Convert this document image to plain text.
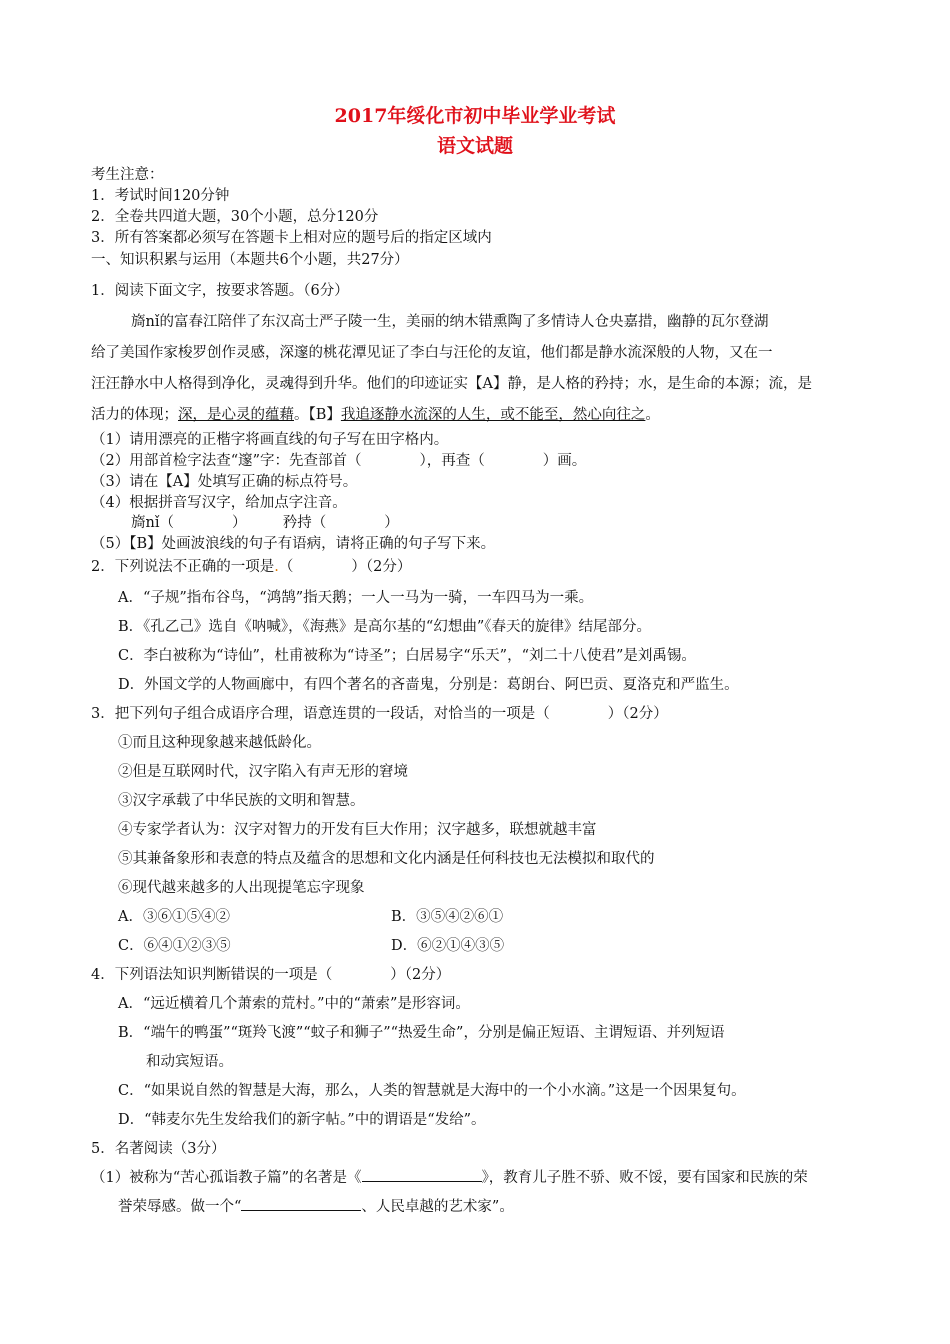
2017年绥化市初中毕业学业考试
语文试题
考生注意：
1．考试时间120分钟
2．全卷共四道大题，30个小题，总分120分
3．所有答案都必须写在答题卡上相对应的题号后的指定区域内
一、知识积累与运用（本题共6个小题，共27分）
1．阅读下面文字，按要求答题。（6分）
旖nǐ的富春江陪伴了东汉高士严子陵一生，美丽的纳木错熏陶了多情诗人仓央嘉措，幽静的瓦尔登湖
给了美国作家梭罗创作灵感，深邃的桃花潭见证了李白与汪伦的友谊，他们都是静水流深般的人物，又在一
汪汪静水中人格得到净化，灵魂得到升华。他们的印迹证实【A】静，是人格的矜持；水，是生命的本源；流，是
活力的体现；深，是心灵的蕴藉。【B】我追逐静水流深的人生，或不能至，然心向往之。
（1）请用漂亮的正楷字将画直线的句子写在田字格内。
（2）用部首检字法查“邃”字：先查部首（　　　　），再查（　　　　）画。
（3）请在【A】处填写正确的标点符号。
（4）根据拼音写汉字，给加点字注音。
旖nǐ（　　　　）　　　矜持（　　　　）
（5）【B】处画波浪线的句子有语病，请将正确的句子写下来。
2．下列说法不正确的一项是.（　　　　）（2分）
A．“子规”指布谷鸟，“鸿鹄”指天鹅；一人一马为一骑，一车四马为一乘。
B．《孔乙己》选自《呐喊》，《海燕》是高尔基的“幻想曲”《春天的旋律》结尾部分。
C．李白被称为“诗仙”，杜甫被称为“诗圣”；白居易字“乐天”，“刘二十八使君”是刘禹锡。
D．外国文学的人物画廊中，有四个著名的吝啬鬼，分别是：葛朗台、阿巴贡、夏洛克和严监生。
3．把下列句子组合成语序合理，语意连贯的一段话，对恰当的一项是（　　　　）（2分）
①而且这种现象越来越低龄化。
②但是互联网时代，汉字陷入有声无形的窘境
③汉字承载了中华民族的文明和智慧。
④专家学者认为：汉字对智力的开发有巨大作用；汉字越多，联想就越丰富
⑤其兼备象形和表意的特点及蕴含的思想和文化内涵是任何科技也无法模拟和取代的
⑥现代越来越多的人出现提笔忘字现象
A．③⑥①⑤④②	B．③⑤④②⑥①
C．⑥④①②③⑤	D．⑥②①④③⑤
4．下列语法知识判断错误的一项是（　　　　）（2分）
A．“远近横着几个萧索的荒村。”中的“萧索”是形容词。
B．“端午的鸭蛋”“斑羚飞渡”“蚊子和狮子”“热爱生命”，分别是偏正短语、主谓短语、并列短语
和动宾短语。
C．“如果说自然的智慧是大海，那么，人类的智慧就是大海中的一个小水滴。”这是一个因果复句。
D．“韩麦尔先生发给我们的新字帖。”中的谓语是“发给”。
5．名著阅读（3分）
（1）被称为“苦心孤诣教子篇”的名著是《	》，教育儿子胜不骄、败不馁，要有国家和民族的荣
誉荣辱感。做一个“	、人民卓越的艺术家”。
